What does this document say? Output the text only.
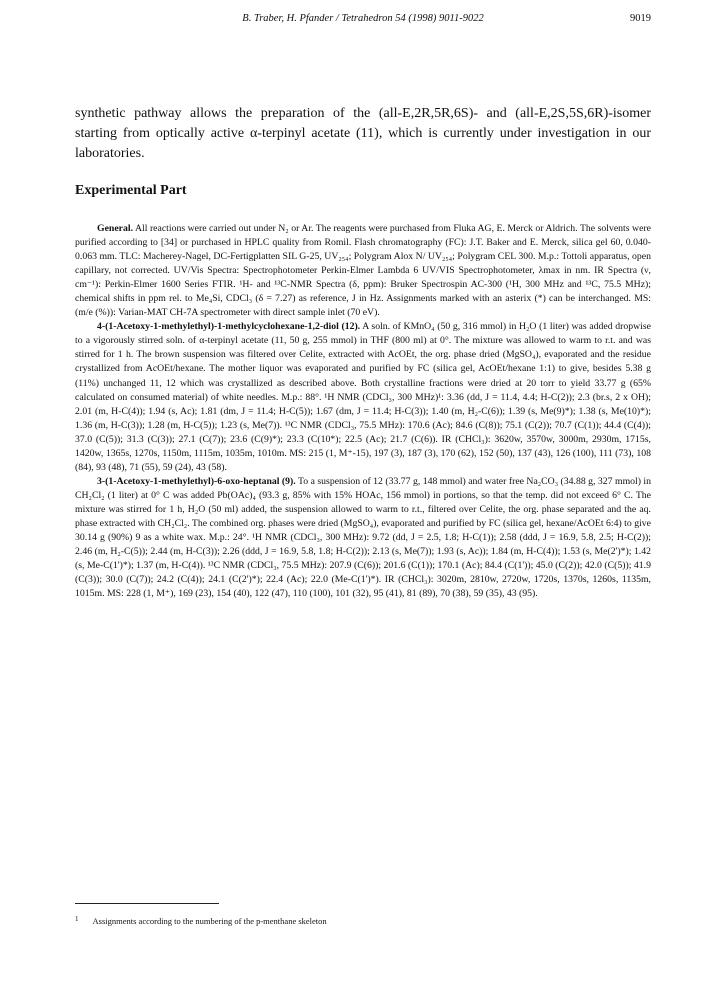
B. Traber, H. Pfander / Tetrahedron 54 (1998) 9011-9022	9019

synthetic pathway allows the preparation of the (all-E,2R,5R,6S)- and (all-E,2S,5S,6R)-isomer starting from optically active α-terpinyl acetate (11), which is currently under investigation in our laboratories.

Experimental Part

General. All reactions were carried out under N₂ or Ar. The reagents were purchased from Fluka AG, E. Merck or Aldrich. The solvents were purified according to [34] or purchased in HPLC quality from Romil. Flash chromatography (FC): J.T. Baker and E. Merck, silica gel 60, 0.040-0.063 mm. TLC: Macherey-Nagel, DC-Fertigplatten SIL G-25, UV₂₅₄; Polygram Alox N/ UV₂₅₄; Polygram CEL 300. M.p.: Tottoli apparatus, open capillary, not corrected. UV/Vis Spectra: Spectrophotometer Perkin-Elmer Lambda 6 UV/VIS Spectrophotometer, λmax in nm. IR Spectra (ν, cm⁻¹): Perkin-Elmer 1600 Series FTIR. ¹H- and ¹³C-NMR Spectra (δ, ppm): Bruker Spectrospin AC-300 (¹H, 300 MHz and ¹³C, 75.5 MHz); chemical shifts in ppm rel. to Me₄Si, CDCl₃ (δ = 7.27) as reference, J in Hz. Assignments marked with an asterix (*) can be interchanged. MS: (m/e (%)): Varian-MAT CH-7A spectrometer with direct sample inlet (70 eV).

4-(1-Acetoxy-1-methylethyl)-1-methylcyclohexane-1,2-diol (12). A soln. of KMnO₄ (50 g, 316 mmol) in H₂O (1 liter) was added dropwise to a vigorously stirred soln. of α-terpinyl acetate (11, 50 g, 255 mmol) in THF (800 ml) at 0°. The mixture was allowed to warm to r.t. and was stirred for 1 h. The brown suspension was filtered over Celite, extracted with AcOEt, the org. phase dried (MgSO₄), evaporated and the residue crystallized from AcOEt/hexane. The mother liquor was evaporated and purified by FC (silica gel, AcOEt/hexane 1:1) to give, besides 5.38 g (11%) unchanged 11, 12 which was crystallized as described above. Both crystalline fractions were dried at 20 torr to yield 33.77 g (65% calculated on consumed material) of white needles. M.p.: 88°. ¹H NMR (CDCl₃, 300 MHz)¹: 3.36 (dd, J = 11.4, 4.4; H-C(2)); 2.3 (br.s, 2 x OH); 2.01 (m, H-C(4)); 1.94 (s, Ac); 1.81 (dm, J = 11.4; H-C(5)); 1.67 (dm, J = 11.4; H-C(3)); 1.40 (m, H₂-C(6)); 1.39 (s, Me(9)*); 1.38 (s, Me(10)*); 1.36 (m, H-C(3)); 1.28 (m, H-C(5)); 1.23 (s, Me(7)). ¹³C NMR (CDCl₃, 75.5 MHz): 170.6 (Ac); 84.6 (C(8)); 75.1 (C(2)); 70.7 (C(1)); 44.4 (C(4)); 37.0 (C(5)); 31.3 (C(3)); 27.1 (C(7)); 23.6 (C(9)*); 23.3 (C(10*); 22.5 (Ac); 21.7 (C(6)). IR (CHCl₃): 3620w, 3570w, 3000m, 2930m, 1715s, 1420w, 1365s, 1270s, 1150m, 1115m, 1035m, 1010m. MS: 215 (1, M⁺-15), 197 (3), 187 (3), 170 (62), 152 (50), 137 (43), 126 (100), 111 (73), 108 (84), 93 (48), 71 (55), 59 (24), 43 (58).

3-(1-Acetoxy-1-methylethyl)-6-oxo-heptanal (9). To a suspension of 12 (33.77 g, 148 mmol) and water free Na₂CO₃ (34.88 g, 327 mmol) in CH₂Cl₂ (1 liter) at 0° C was added Pb(OAc)₄ (93.3 g, 85% with 15% HOAc, 156 mmol) in portions, so that the temp. did not exceed 6° C. The mixture was stirred for 1 h, H₂O (50 ml) added, the suspension allowed to warm to r.t., filtered over Celite, the org. phase separated and the aq. phase extracted with CH₂Cl₂. The combined org. phases were dried (MgSO₄), evaporated and purified by FC (silica gel, hexane/AcOEt 6:4) to give 30.14 g (90%) 9 as a white wax. M.p.: 24°. ¹H NMR (CDCl₃, 300 MHz): 9.72 (dd, J = 2.5, 1.8; H-C(1)); 2.58 (ddd, J = 16.9, 5.8, 2.5; H-C(2)); 2.46 (m, H₂-C(5)); 2.44 (m, H-C(3)); 2.26 (ddd, J = 16.9, 5.8, 1.8; H-C(2)); 2.13 (s, Me(7)); 1.93 (s, Ac)); 1.84 (m, H-C(4)); 1.53 (s, Me(2')*); 1.42 (s, Me-C(1')*); 1.37 (m, H-C(4)). ¹³C NMR (CDCl₃, 75.5 MHz): 207.9 (C(6)); 201.6 (C(1)); 170.1 (Ac); 84.4 (C(1')); 45.0 (C(2)); 42.0 (C(5)); 41.9 (C(3)); 30.0 (C(7)); 24.2 (C(4)); 24.1 (C(2')*); 22.4 (Ac); 22.0 (Me-C(1')*). IR (CHCl₃): 3020m, 2810w, 2720w, 1720s, 1370s, 1260s, 1135m, 1015m. MS: 228 (1, M⁺), 169 (23), 154 (40), 122 (47), 110 (100), 101 (32), 95 (41), 81 (89), 70 (38), 59 (35), 43 (95).

$^1$ Assignments according to the numbering of the p-menthane skeleton
